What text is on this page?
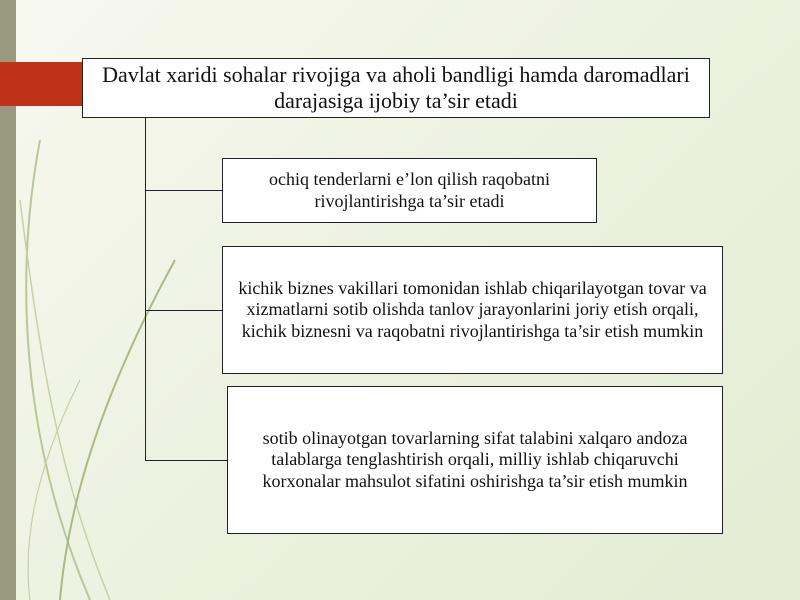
Davlat xaridi sohalar rivojiga va aholi bandligi hamda daromadlari darajasiga ijobiy ta’sir etadi
ochiq tenderlarni e’lon qilish raqobatni rivojlantirishga ta’sir etadi
kichik biznes vakillari tomonidan ishlab chiqarilayotgan tovar va xizmatlarni sotib olishda tanlov jarayonlarini joriy etish orqali, kichik biznesni va raqobatni rivojlantirishga ta’sir etish mumkin
sotib olinayotgan tovarlarning sifat talabini xalqaro andoza talablarga tenglashtirish orqali, milliy ishlab chiqaruvchi korxonalar mahsulot sifatini oshirishga ta’sir etish mumkin
